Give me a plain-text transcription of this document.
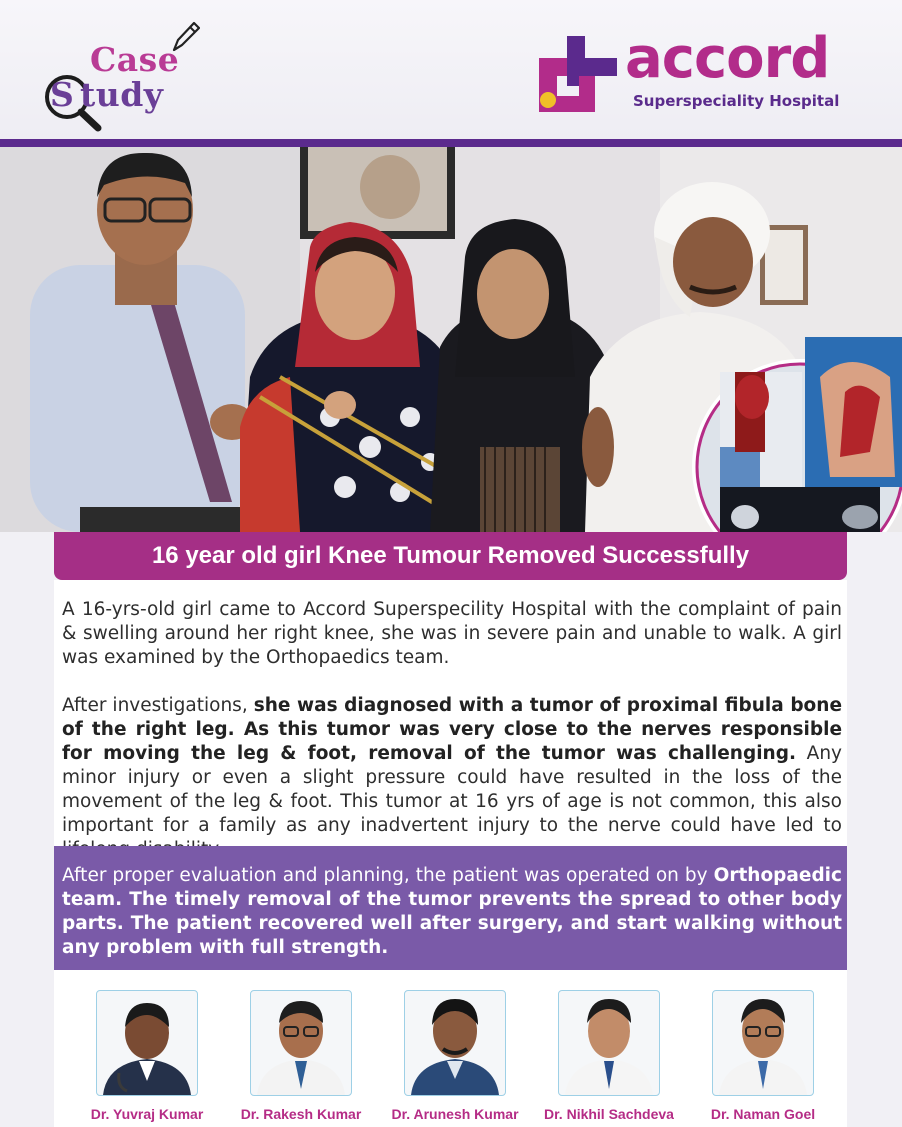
Case
S tudy
accord
Superspeciality Hospital
16 year old girl Knee Tumour Removed Successfully

A 16-yrs-old girl came to Accord Superspecility Hospital with the complaint of pain & swelling around her right knee, she was in severe pain and unable to walk. A girl was examined by the Orthopaedics team.

After investigations, she was diagnosed with a tumor of proximal fibula bone of the right leg. As this tumor was very close to the nerves responsible for moving the leg & foot, removal of the tumor was challenging. Any minor injury or even a slight pressure could have resulted in the loss of the movement of the leg & foot. This tumor at 16 yrs of age is not common, this also important for a family as any inadvertent injury to the nerve could have led to

After proper evaluation and planning, the patient was operated on by Orthopaedic team. The timely removal of the tumor prevents the spread to other body parts. The patient recovered well after surgery, and start walking without any problem with full strength.

Dr. Yuvraj Kumar	Dr. Rakesh Kumar	Dr. Arunesh Kumar	Dr. Nikhil Sachdeva	Dr. Naman Goel
